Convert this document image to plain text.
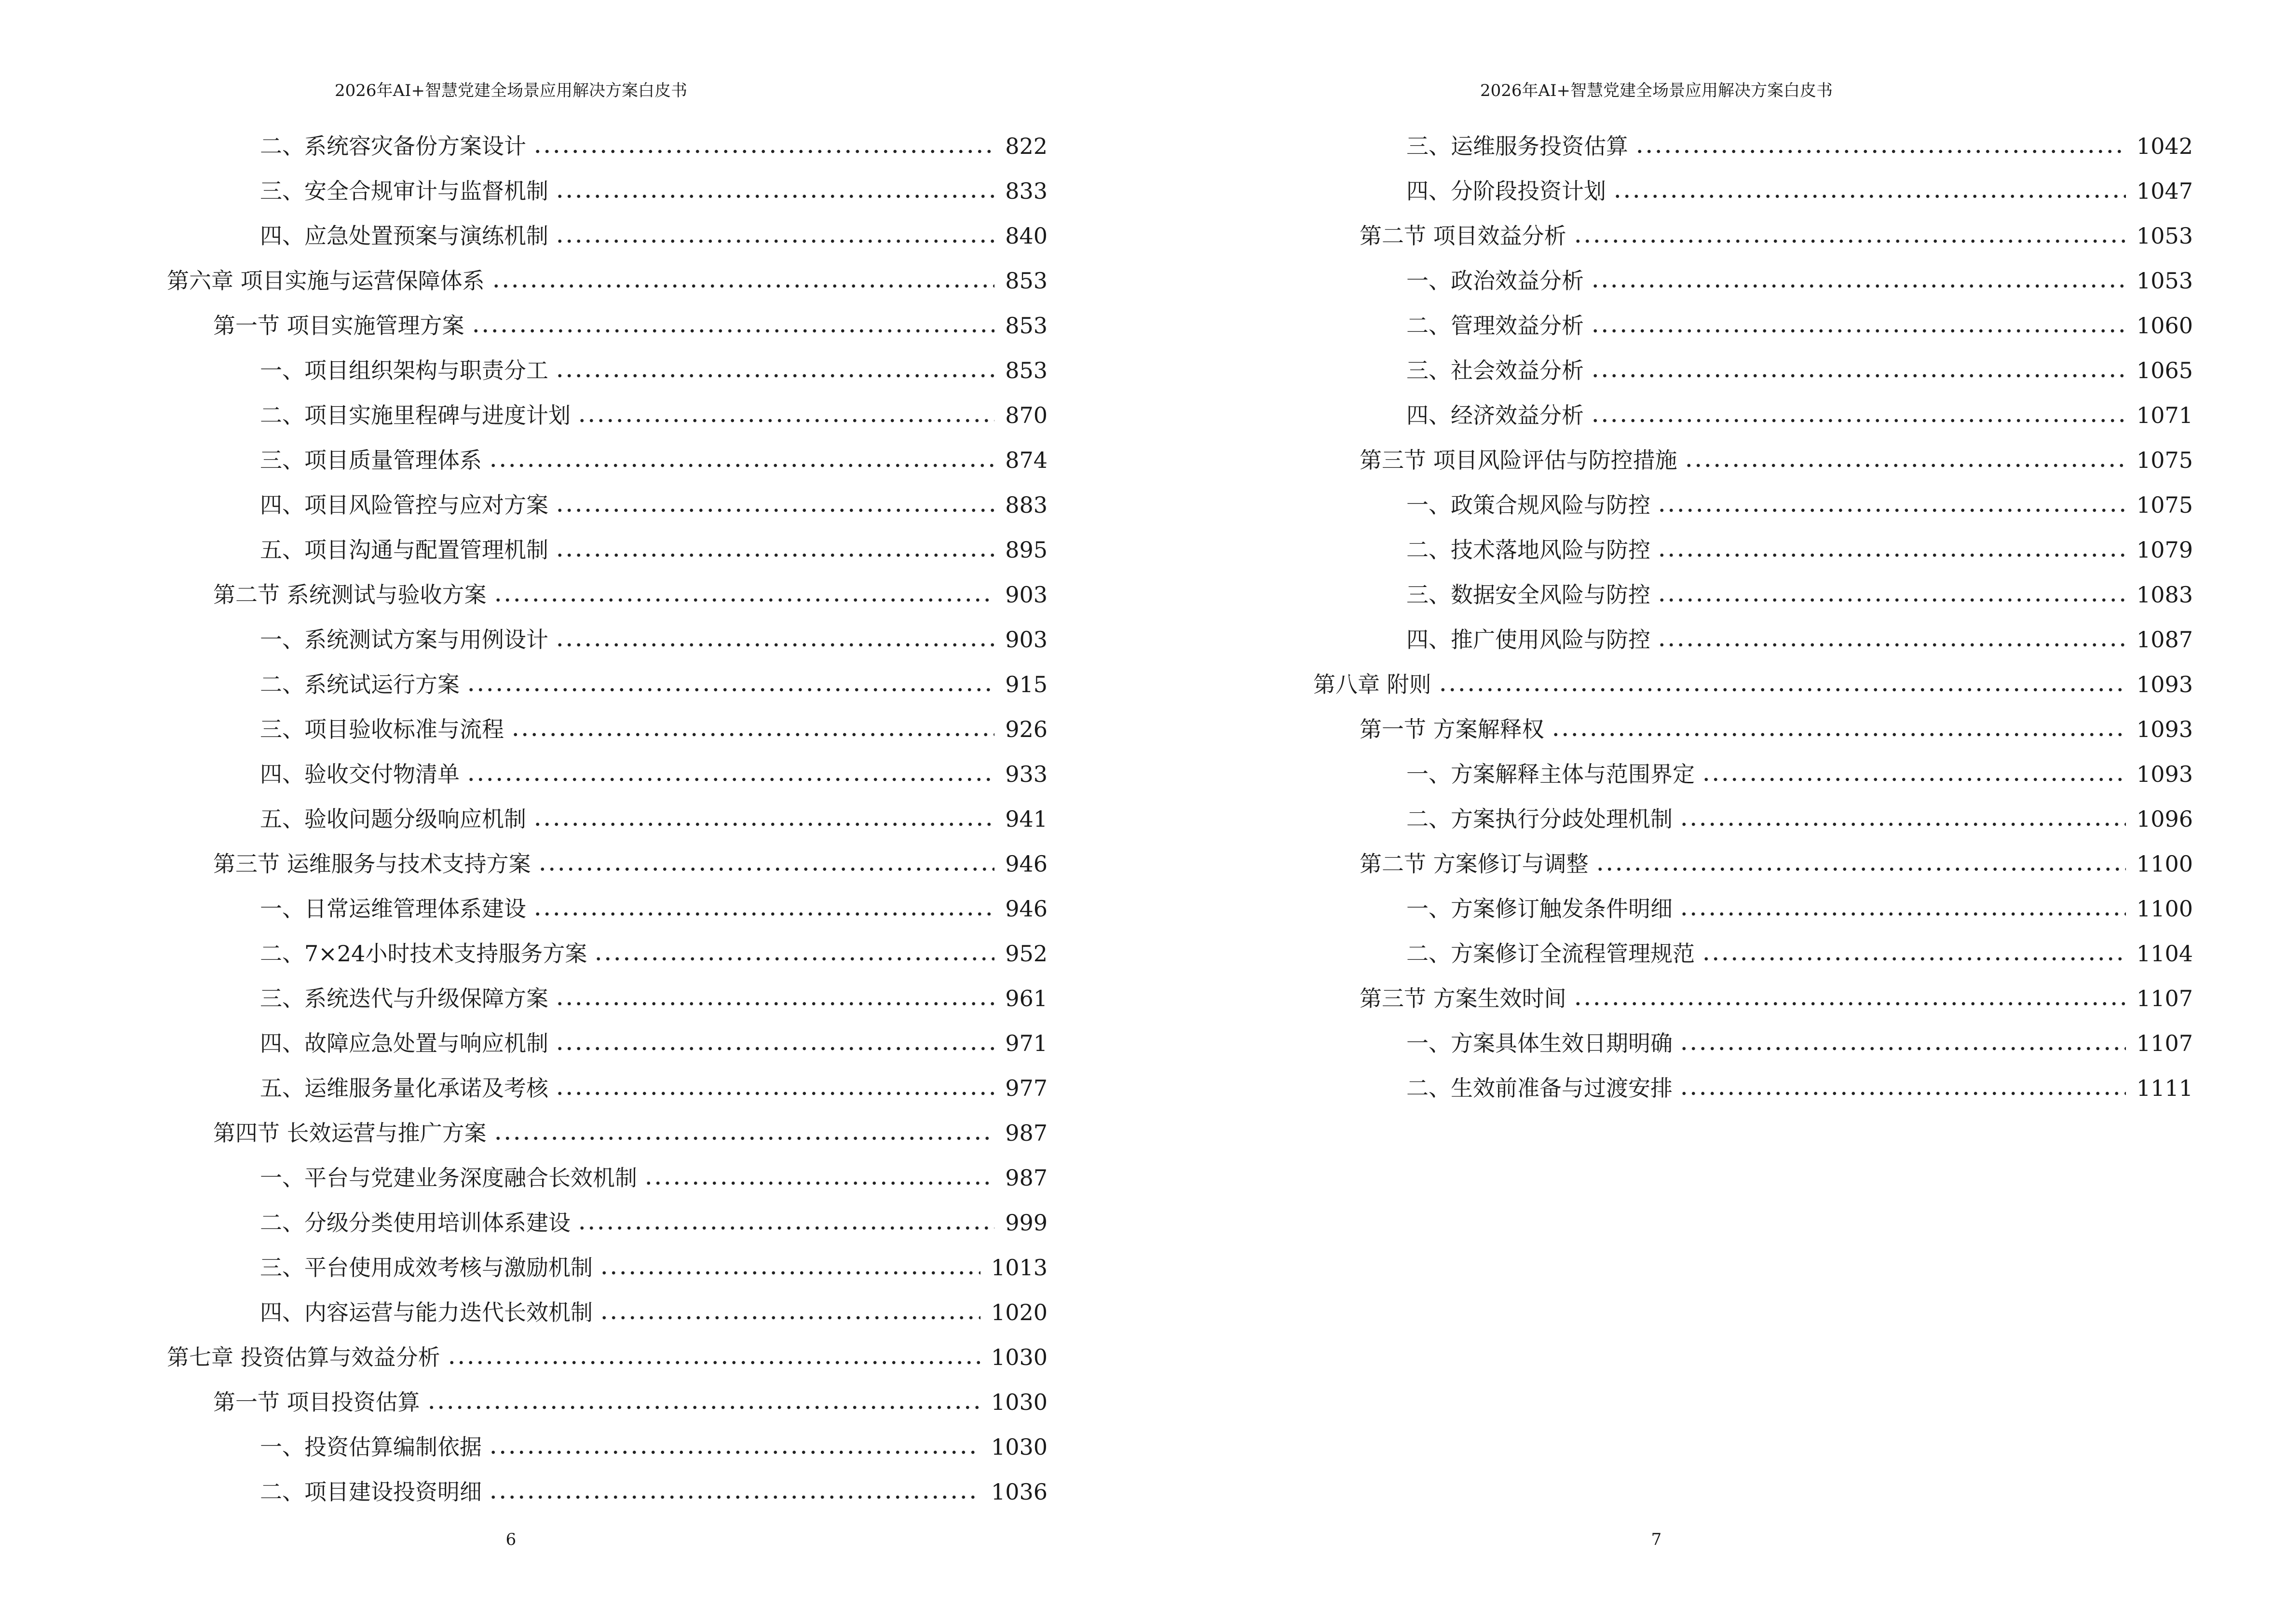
2026年AI+智慧党建全场景应用解决方案白皮书
二、系统容灾备份方案设计	822
三、安全合规审计与监督机制	833
四、应急处置预案与演练机制	840
第六章 项目实施与运营保障体系	853
第一节 项目实施管理方案	853
一、项目组织架构与职责分工	853
二、项目实施里程碑与进度计划	870
三、项目质量管理体系	874
四、项目风险管控与应对方案	883
五、项目沟通与配置管理机制	895
第二节 系统测试与验收方案	903
一、系统测试方案与用例设计	903
二、系统试运行方案	915
三、项目验收标准与流程	926
四、验收交付物清单	933
五、验收问题分级响应机制	941
第三节 运维服务与技术支持方案	946
一、日常运维管理体系建设	946
二、7×24小时技术支持服务方案	952
三、系统迭代与升级保障方案	961
四、故障应急处置与响应机制	971
五、运维服务量化承诺及考核	977
第四节 长效运营与推广方案	987
一、平台与党建业务深度融合长效机制	987
二、分级分类使用培训体系建设	999
三、平台使用成效考核与激励机制	1013
四、内容运营与能力迭代长效机制	1020
第七章 投资估算与效益分析	1030
第一节 项目投资估算	1030
一、投资估算编制依据	1030
二、项目建设投资明细	1036
6
2026年AI+智慧党建全场景应用解决方案白皮书
三、运维服务投资估算	1042
四、分阶段投资计划	1047
第二节 项目效益分析	1053
一、政治效益分析	1053
二、管理效益分析	1060
三、社会效益分析	1065
四、经济效益分析	1071
第三节 项目风险评估与防控措施	1075
一、政策合规风险与防控	1075
二、技术落地风险与防控	1079
三、数据安全风险与防控	1083
四、推广使用风险与防控	1087
第八章 附则	1093
第一节 方案解释权	1093
一、方案解释主体与范围界定	1093
二、方案执行分歧处理机制	1096
第二节 方案修订与调整	1100
一、方案修订触发条件明细	1100
二、方案修订全流程管理规范	1104
第三节 方案生效时间	1107
一、方案具体生效日期明确	1107
二、生效前准备与过渡安排	1111
7
